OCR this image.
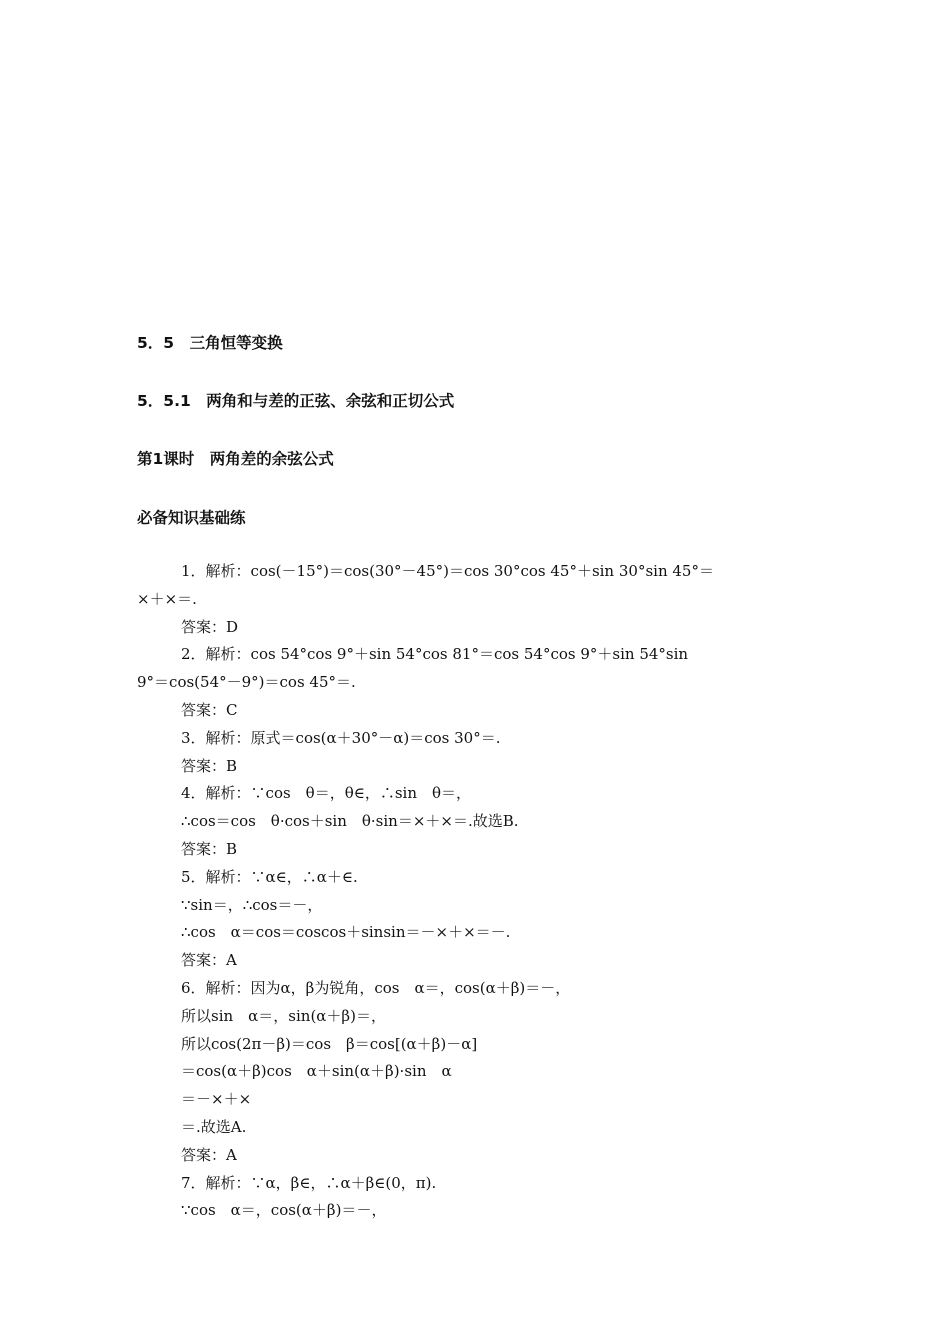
5．5　三角恒等变换
5．5.1　两角和与差的正弦、余弦和正切公式
第1课时　两角差的余弦公式
必备知识基础练
1．解析：cos(－15°)＝cos(30°－45°)＝cos 30°cos 45°＋sin 30°sin 45°＝
×＋×＝.
答案：D
2．解析：cos 54°cos 9°＋sin 54°cos 81°＝cos 54°cos 9°＋sin 54°sin
9°＝cos(54°－9°)＝cos 45°＝.
答案：C
3．解析：原式＝cos(α＋30°－α)＝cos 30°＝.
答案：B
4．解析：∵cos　θ＝，θ∈，∴sin　θ＝，
∴cos＝cos　θ·cos＋sin　θ·sin＝×＋×＝.故选B.
答案：B
5．解析：∵α∈，∴α＋∈.
∵sin＝，∴cos＝－，
∴cos　α＝cos＝coscos＋sinsin＝－×＋×＝－.
答案：A
6．解析：因为α，β为锐角，cos　α＝，cos(α＋β)＝－，
所以sin　α＝，sin(α＋β)＝，
所以cos(2π－β)＝cos　β＝cos[(α＋β)－α]
＝cos(α＋β)cos　α＋sin(α＋β)·sin　α
＝－×＋×
＝.故选A.
答案：A
7．解析：∵α，β∈，∴α＋β∈(0，π).
∵cos　α＝，cos(α＋β)＝－，
